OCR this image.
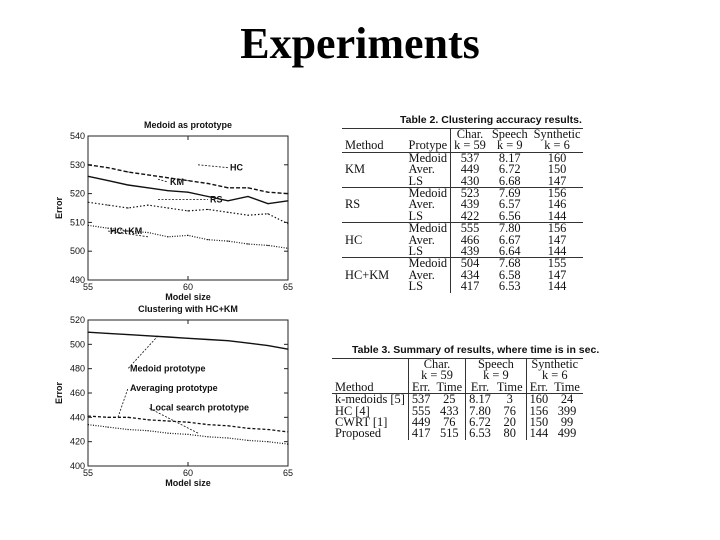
Experiments
Medoid as prototype
490
500
510
520
530
540
55	60	65
Model size
Error
HC
KM
RS
HC+KM
Clustering with HC+KM
400
420
440
460
480
500
520
55	60	65
Model size
Error
Medoid prototype
Averaging prototype
Local search prototype
Table 2. Clustering accuracy results.
		Char.	Speech	Synthetic
Method	Protype	k = 59	k = 9	k = 6
	Medoid	537	8.17	160
KM	Aver.	449	6.72	150
	LS	430	6.68	147
	Medoid	523	7.69	156
RS	Aver.	439	6.57	146
	LS	422	6.56	144
	Medoid	555	7.80	156
HC	Aver.	466	6.67	147
	LS	439	6.64	144
	Medoid	504	7.68	155
HC+KM	Aver.	434	6.58	147
	LS	417	6.53	144
Table 3. Summary of results, where time is in sec.
	Char.		Speech		Synthetic	
	k = 59		k = 9		k = 6	
Method	Err.	Time	Err.	Time	Err.	Time
k-medoids [5]	537	25	8.17	3	160	24
HC [4]	555	433	7.80	76	156	399
CWRT [1]	449	76	6.72	20	150	99
Proposed	417	515	6.53	80	144	499
